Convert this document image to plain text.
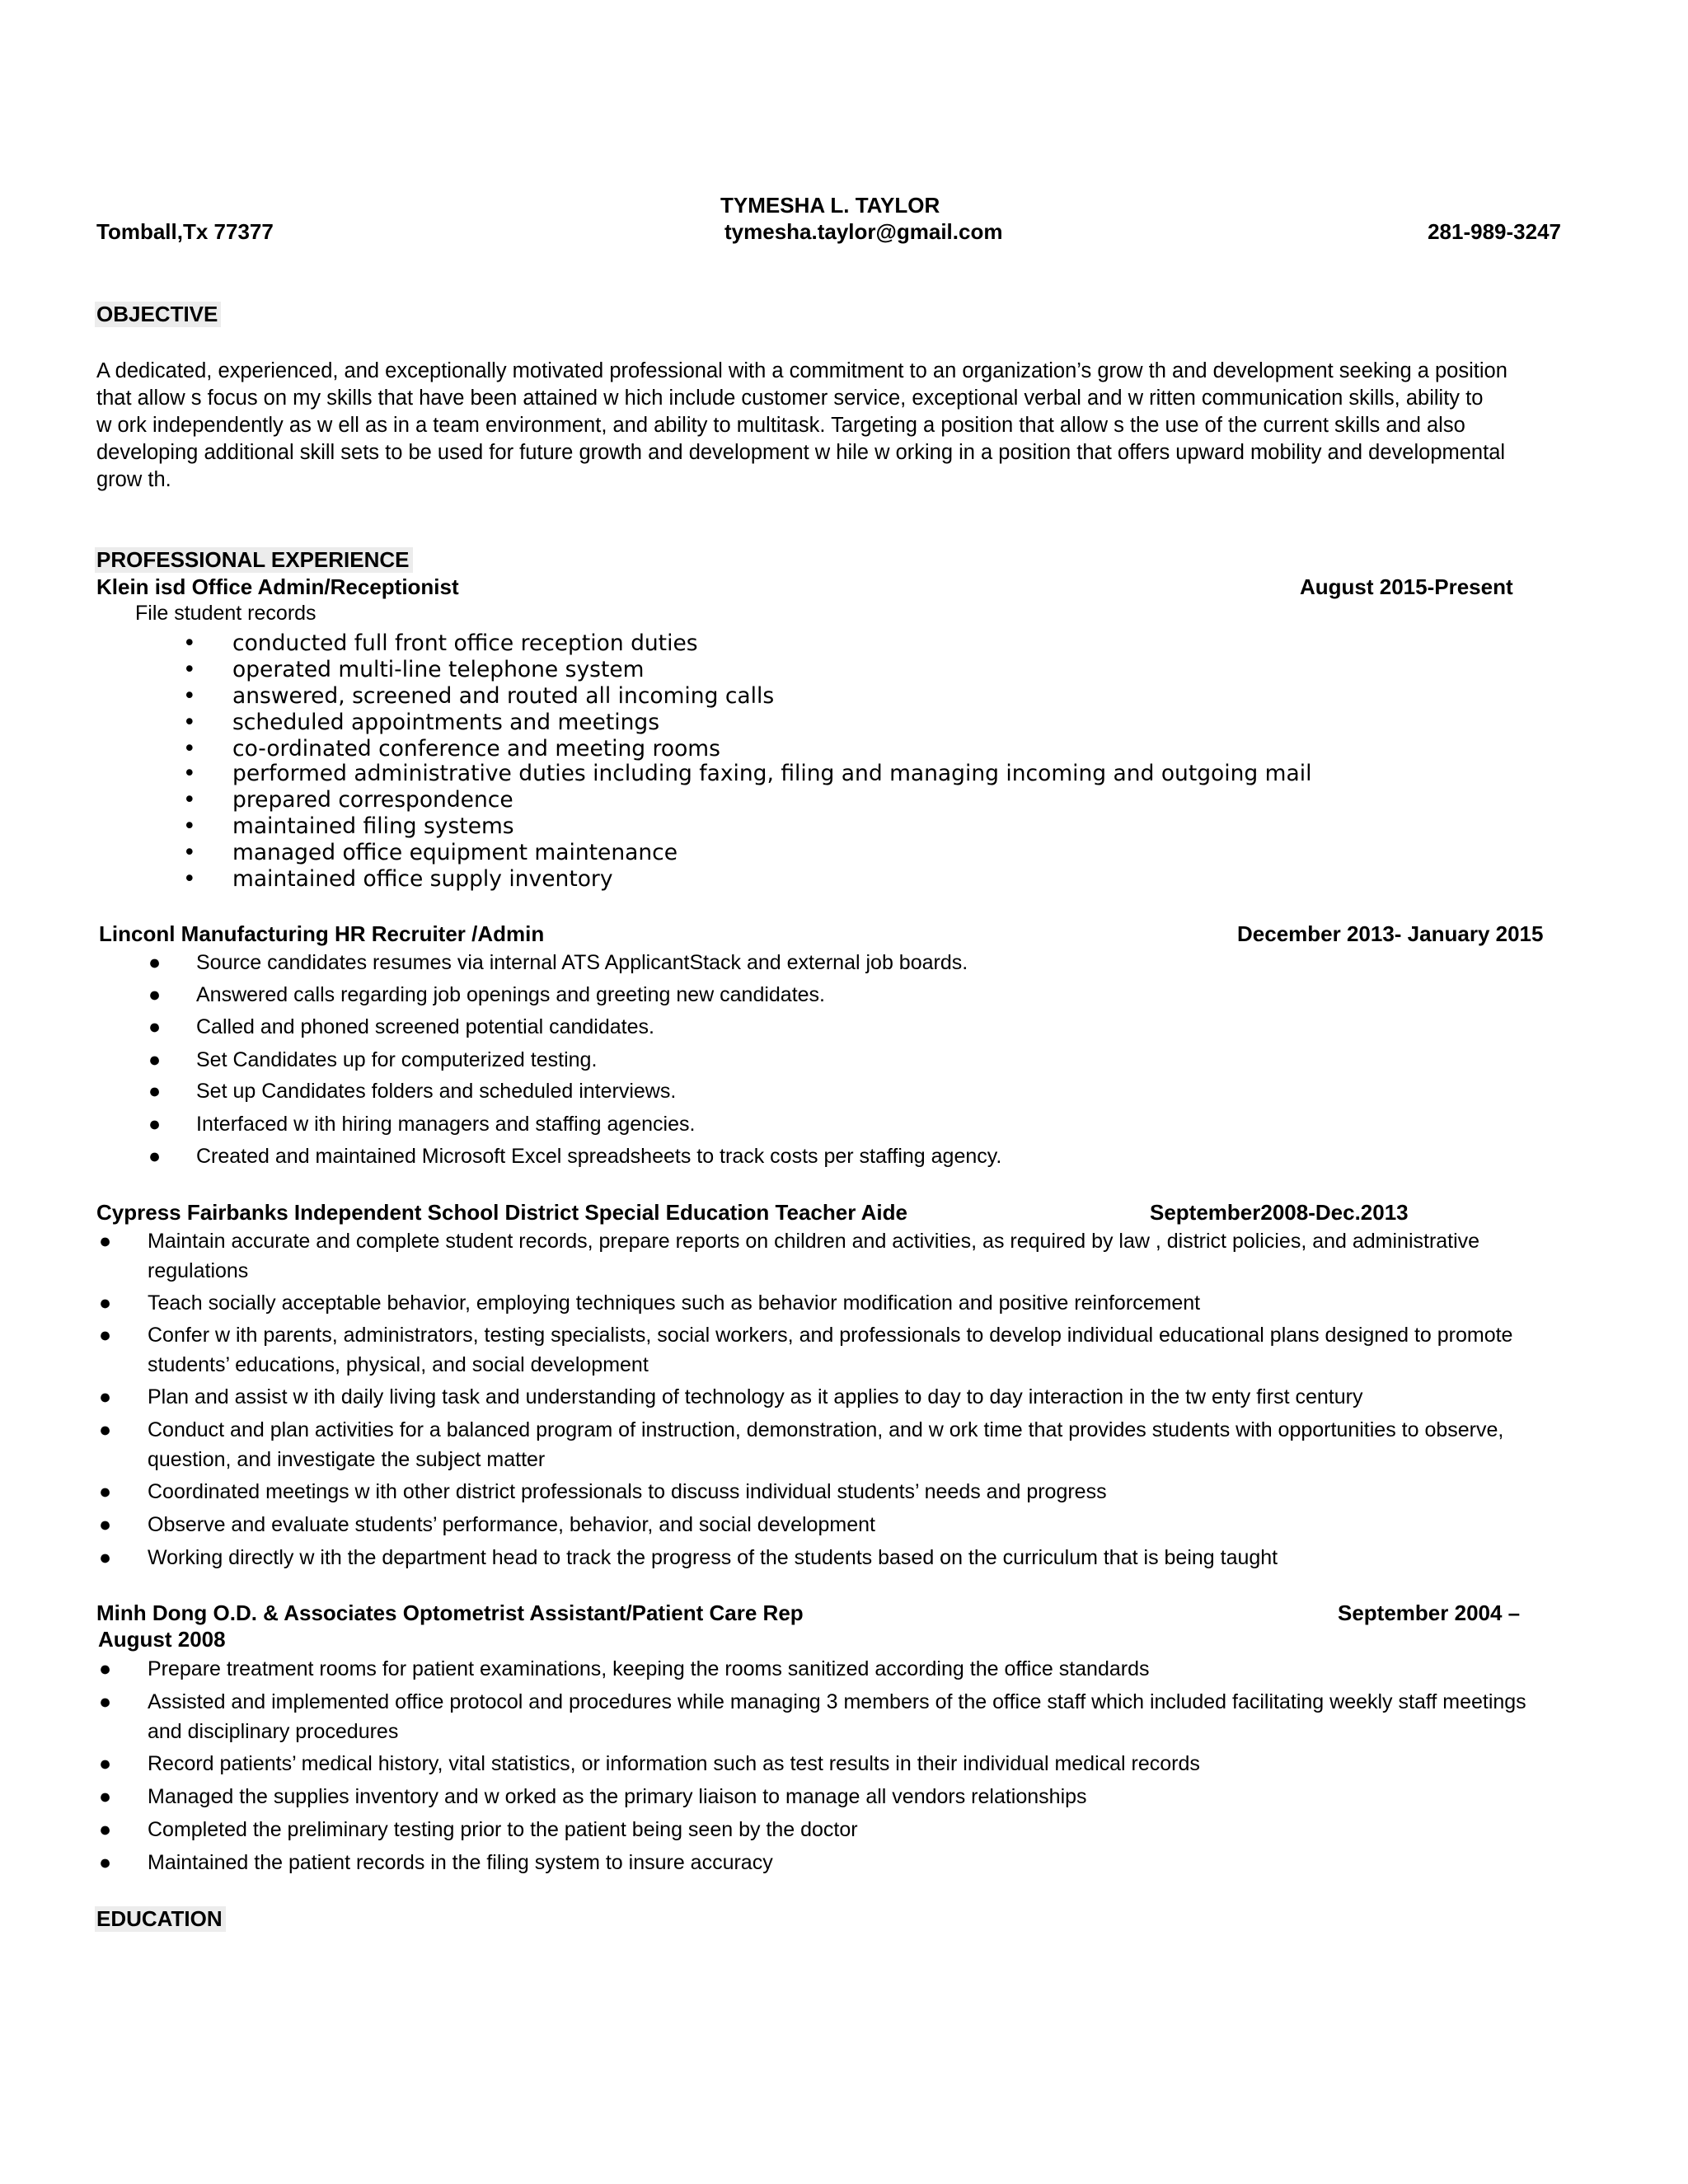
TYMESHA L. TAYLOR
Tomball,Tx 77377	tymesha.taylor@gmail.com	281-989-3247
OBJECTIVE

A dedicated, experienced, and exceptionally motivated professional with a commitment to an organization’s grow th and development seeking a position

that allow s focus on my skills that have been attained w hich include customer service, exceptional verbal and w ritten communication skills, ability to

w ork independently as w ell as in a team environment, and ability to multitask. Targeting a position that allow s the use of the current skills and also

developing additional skill sets to be used for future growth and development w hile w orking in a position that offers upward mobility and developmental

grow th.

PROFESSIONAL EXPERIENCE
Klein isd Office Admin/Receptionist	August 2015-Present
File student records
• conducted full front office reception duties
• operated multi-line telephone system
• answered, screened and routed all incoming calls
• scheduled appointments and meetings
• co-ordinated conference and meeting rooms
• performed administrative duties including faxing, filing and managing incoming and outgoing mail
• prepared correspondence
• maintained filing systems
• managed office equipment maintenance
• maintained office supply inventory
Linconl Manufacturing HR Recruiter /Admin	December 2013- January 2015
● Source candidates resumes via internal ATS ApplicantStack and external job boards.
● Answered calls regarding job openings and greeting new candidates.
● Called and phoned screened potential candidates.
● Set Candidates up for computerized testing.
● Set up Candidates folders and scheduled interviews.
● Interfaced w ith hiring managers and staffing agencies.
● Created and maintained Microsoft Excel spreadsheets to track costs per staffing agency.
Cypress Fairbanks Independent School District Special Education Teacher Aide	September2008-Dec.2013
● Maintain accurate and complete student records, prepare reports on children and activities, as required by law , district policies, and administrative regulations
● Teach socially acceptable behavior, employing techniques such as behavior modification and positive reinforcement
● Confer w ith parents, administrators, testing specialists, social workers, and professionals to develop individual educational plans designed to promote students’ educations, physical, and social development
● Plan and assist w ith daily living task and understanding of technology as it applies to day to day interaction in the tw enty first century
● Conduct and plan activities for a balanced program of instruction, demonstration, and w ork time that provides students with opportunities to observe, question, and investigate the subject matter
● Coordinated meetings w ith other district professionals to discuss individual students’ needs and progress
● Observe and evaluate students’ performance, behavior, and social development
● Working directly w ith the department head to track the progress of the students based on the curriculum that is being taught
Minh Dong O.D. & Associates Optometrist Assistant/Patient Care Rep	September 2004 –
August 2008
● Prepare treatment rooms for patient examinations, keeping the rooms sanitized according the office standards
● Assisted and implemented office protocol and procedures while managing 3 members of the office staff which included facilitating weekly staff meetings and disciplinary procedures
● Record patients’ medical history, vital statistics, or information such as test results in their individual medical records
● Managed the supplies inventory and w orked as the primary liaison to manage all vendors relationships
● Completed the preliminary testing prior to the patient being seen by the doctor
● Maintained the patient records in the filing system to insure accuracy
EDUCATION
